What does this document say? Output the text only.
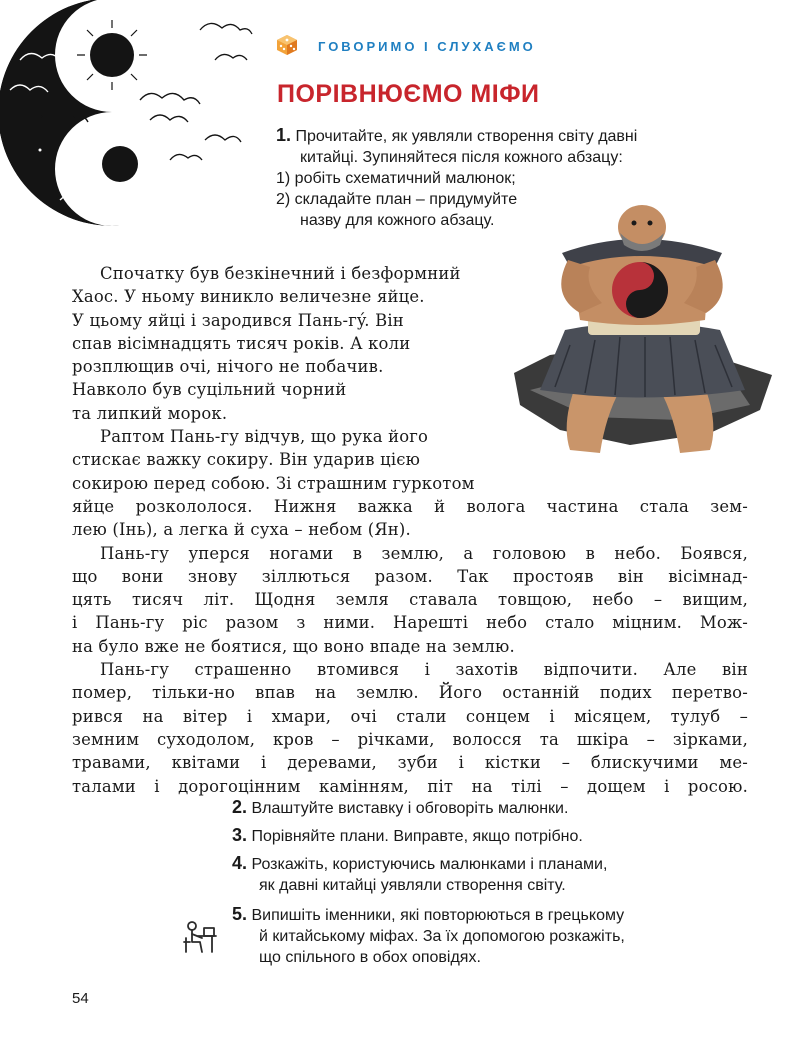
ГОВОРИМО І СЛУХАЄМО

ПОРІВНЮЄМО МІФИ

1. Прочитайте, як уявляли створення світу давні

китайці. Зупиняйтеся після кожного абзацу:

1) робіть схематичний малюнок;

2) складайте план – придумуйте

назву для кожного абзацу.

Спочатку був безкінечний і безформний
Хаос. У ньому виникло величезне яйце.
У цьому яйці і зародився Пань-гý. Він
спав вісімнадцять тисяч років. А коли
розплющив очі, нічого не побачив.
Навколо був суцільний чорний
та липкий морок.
Раптом Пань-гу відчув, що рука його
стискає важку сокиру. Він ударив цією
сокирою перед собою. Зі страшним гуркотом
яйце розкололося. Нижня важка й волога частина стала зем-
лею (Інь), а легка й суха – небом (Ян).
Пань-гу уперся ногами в землю, а головою в небо. Боявся,
що вони знову зіллються разом. Так простояв він вісімнад-
цять тисяч літ. Щодня земля ставала товщою, небо – вищим,
і Пань-гу ріс разом з ними. Нарешті небо стало міцним. Мож-
на було вже не боятися, що воно впаде на землю.
Пань-гу страшенно втомився і захотів відпочити. Але він
помер, тільки-но впав на землю. Його останній подих перетво-
рився на вітер і хмари, очі стали сонцем і місяцем, тулуб –
земним суходолом, кров – річками, волосся та шкіра – зірками,
травами, квітами і деревами, зуби і кістки – блискучими ме-
талами і дорогоцінним камінням, піт на тілі – дощем і росою.

2. Влаштуйте виставку і обговоріть малюнки.

3. Порівняйте плани. Виправте, якщо потрібно.

4. Розкажіть, користуючись малюнками і планами,
як давні китайці уявляли створення світу.

5. Випишіть іменники, які повторюються в грецькому
й китайському міфах. За їх допомогою розкажіть,
що спільного в обох оповідях.

54
